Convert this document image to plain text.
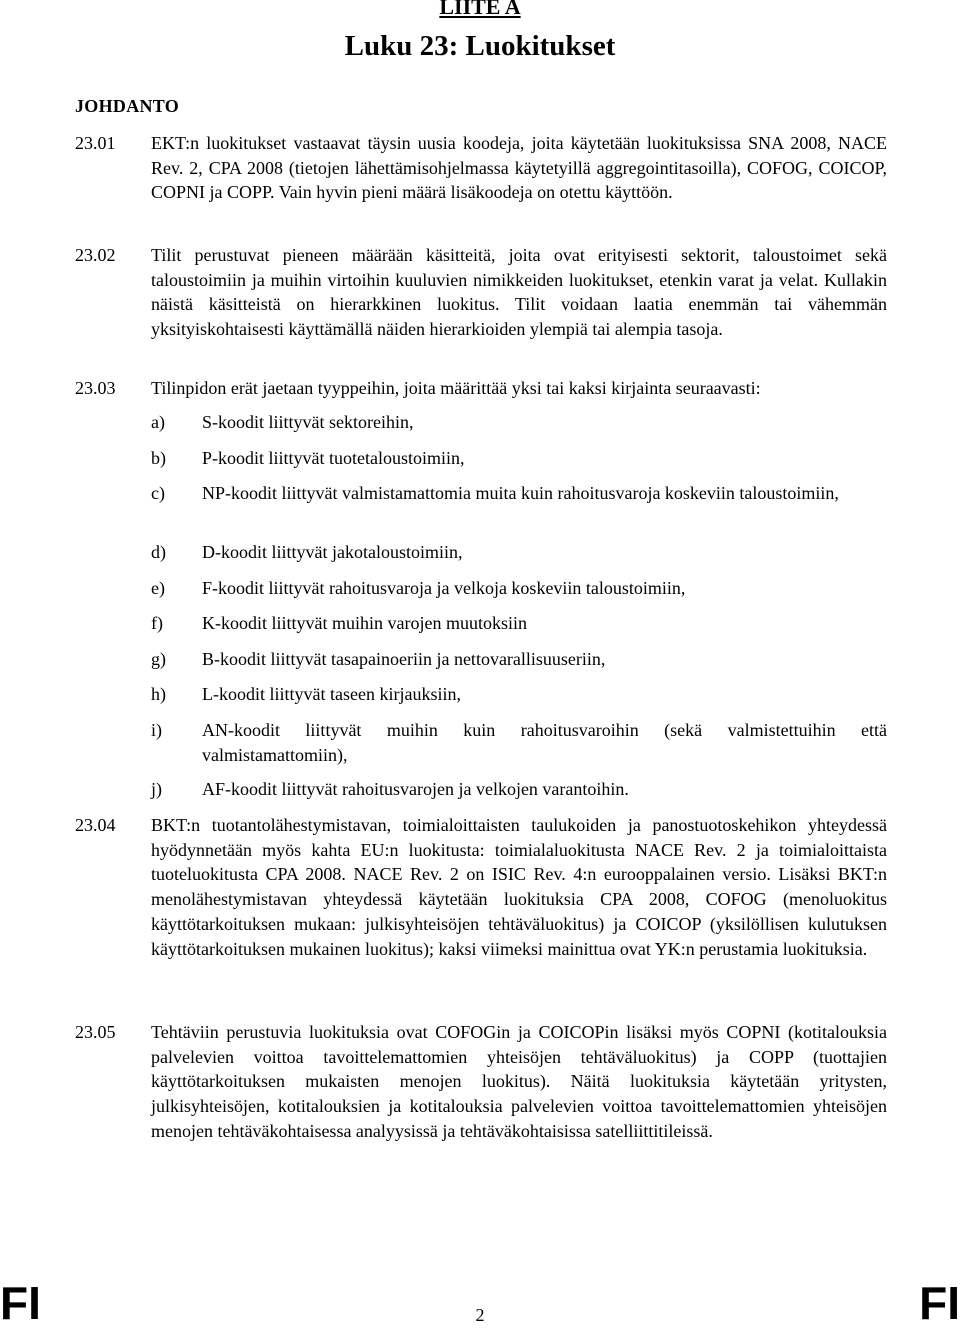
LIITE A
Luku 23: Luokitukset
JOHDANTO
23.01 EKT:n luokitukset vastaavat täysin uusia koodeja, joita käytetään luokituksissa SNA 2008, NACE Rev. 2, CPA 2008 (tietojen lähettämisohjelmassa käytetyillä aggregointitasoilla), COFOG, COICOP, COPNI ja COPP. Vain hyvin pieni määrä lisäkoodeja on otettu käyttöön.
23.02 Tilit perustuvat pieneen määrään käsitteitä, joita ovat erityisesti sektorit, taloustoimet sekä taloustoimiin ja muihin virtoihin kuuluvien nimikkeiden luokitukset, etenkin varat ja velat. Kullakin näistä käsitteistä on hierarkkinen luokitus. Tilit voidaan laatia enemmän tai vähemmän yksityiskohtaisesti käyttämällä näiden hierarkioiden ylempiä tai alempia tasoja.
23.03 Tilinpidon erät jaetaan tyyppeihin, joita määrittää yksi tai kaksi kirjainta seuraavasti:
a) S-koodit liittyvät sektoreihin,
b) P-koodit liittyvät tuotetaloustoimiin,
c) NP-koodit liittyvät valmistamattomia muita kuin rahoitusvaroja koskeviin taloustoimiin,
d) D-koodit liittyvät jakotaloustoimiin,
e) F-koodit liittyvät rahoitusvaroja ja velkoja koskeviin taloustoimiin,
f) K-koodit liittyvät muihin varojen muutoksiin
g) B-koodit liittyvät tasapainoeriin ja nettovarallisuuseriin,
h) L-koodit liittyvät taseen kirjauksiin,
i) AN-koodit liittyvät muihin kuin rahoitusvaroihin (sekä valmistettuihin että valmistamattomiin),
j) AF-koodit liittyvät rahoitusvarojen ja velkojen varantoihin.
23.04 BKT:n tuotantolähestymistavan, toimialoittaisten taulukoiden ja panostuotoskehikon yhteydessä hyödynnetään myös kahta EU:n luokitusta: toimialaluokitusta NACE Rev. 2 ja toimialoittaista tuoteluokitusta CPA 2008. NACE Rev. 2 on ISIC Rev. 4:n eurooppalainen versio. Lisäksi BKT:n menolähestymistavan yhteydessä käytetään luokituksia CPA 2008, COFOG (menoluokitus käyttötarkoituksen mukaan: julkisyhteisöjen tehtäväluokitus) ja COICOP (yksilöllisen kulutuksen käyttötarkoituksen mukainen luokitus); kaksi viimeksi mainittua ovat YK:n perustamia luokituksia.
23.05 Tehtäviin perustuvia luokituksia ovat COFOGin ja COICOPin lisäksi myös COPNI (kotitalouksia palvelevien voittoa tavoittelemattomien yhteisöjen tehtäväluokitus) ja COPP (tuottajien käyttötarkoituksen mukaisten menojen luokitus). Näitä luokituksia käytetään yritysten, julkisyhteisöjen, kotitalouksien ja kotitalouksia palvelevien voittoa tavoittelemattomien yhteisöjen menojen tehtäväkohtaisessa analyysissä ja tehtäväkohtaisissa satelliittitileissä.
FI	2	FI
